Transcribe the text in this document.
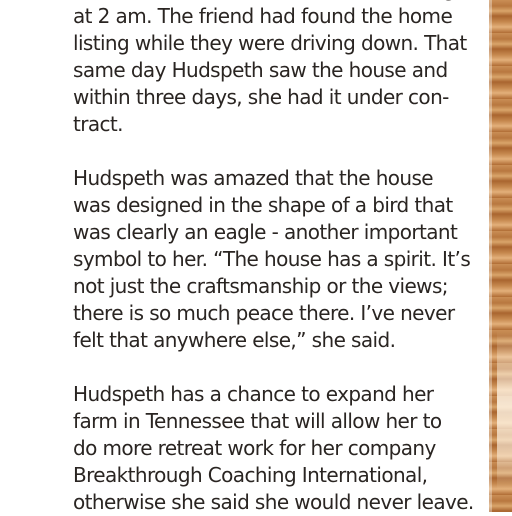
at 2 am. The friend had found the home
listing while they were driving down. That
same day Hudspeth saw the house and
within three days, she had it under con-
tract.
Hudspeth was amazed that the house
was designed in the shape of a bird that
was clearly an eagle - another important
symbol to her. “The house has a spirit. It’s
not just the craftsmanship or the views;
there is so much peace there. I’ve never
felt that anywhere else,” she said.
Hudspeth has a chance to expand her
farm in Tennessee that will allow her to
do more retreat work for her company
Breakthrough Coaching International,
otherwise she said she would never leave.
